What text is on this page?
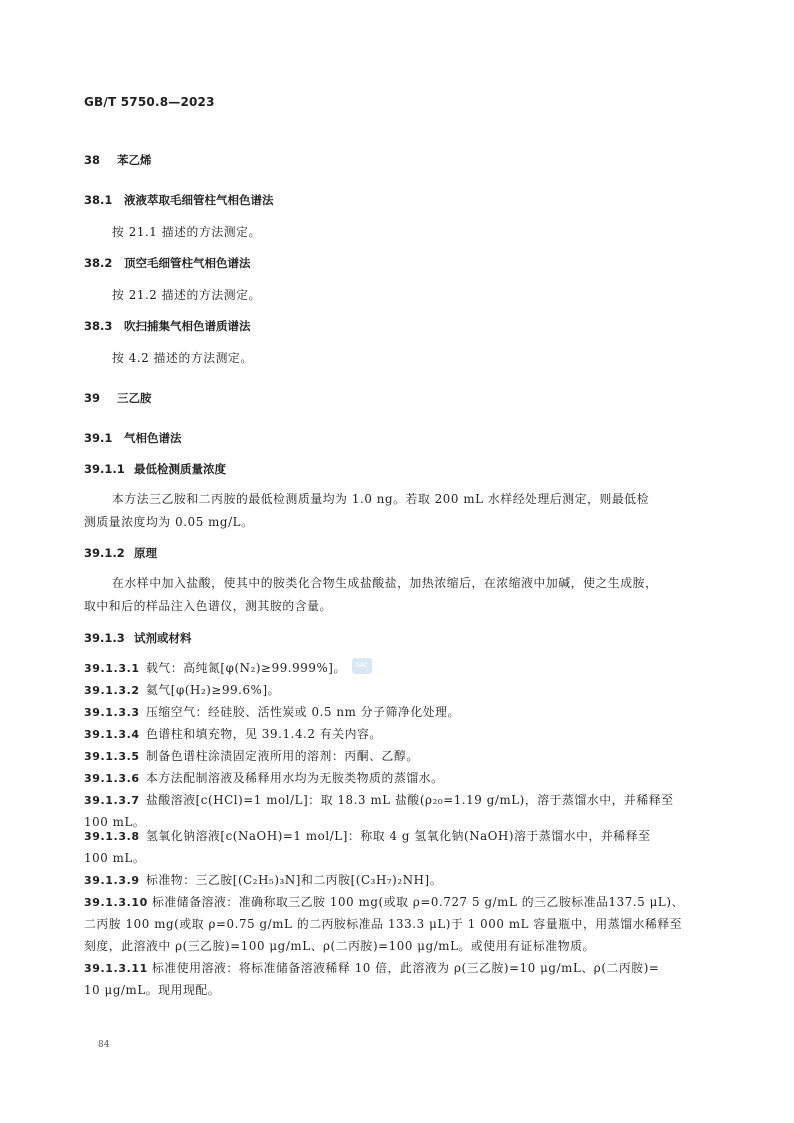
GB/T 5750.8—2023
38 苯乙烯
38.1 液液萃取毛细管柱气相色谱法
按 21.1 描述的方法测定。
38.2 顶空毛细管柱气相色谱法
按 21.2 描述的方法测定。
38.3 吹扫捕集气相色谱质谱法
按 4.2 描述的方法测定。
39 三乙胺
39.1 气相色谱法
39.1.1 最低检测质量浓度
本方法三乙胺和二丙胺的最低检测质量均为 1.0 ng。若取 200 mL 水样经处理后测定，则最低检
测质量浓度均为 0.05 mg/L。
39.1.2 原理
在水样中加入盐酸，使其中的胺类化合物生成盐酸盐，加热浓缩后，在浓缩液中加碱，使之生成胺，
取中和后的样品注入色谱仪，测其胺的含量。
39.1.3 试剂或材料
39.1.3.1 载气：高纯氮[φ(N₂)≥99.999%]。	SAC
39.1.3.2 氦气[φ(H₂)≥99.6%]。
39.1.3.3 压缩空气：经硅胶、活性炭或 0.5 nm 分子筛净化处理。
39.1.3.4 色谱柱和填充物，见 39.1.4.2 有关内容。
39.1.3.5 制备色谱柱涂渍固定液所用的溶剂：丙酮、乙醇。
39.1.3.6 本方法配制溶液及稀释用水均为无胺类物质的蒸馏水。
39.1.3.7 盐酸溶液[c(HCl)=1 mol/L]：取 18.3 mL 盐酸(ρ₂₀=1.19 g/mL)，溶于蒸馏水中，并稀释至
100 mL。
39.1.3.8 氢氧化钠溶液[c(NaOH)=1 mol/L]：称取 4 g 氢氧化钠(NaOH)溶于蒸馏水中，并稀释至
100 mL。
39.1.3.9 标准物：三乙胺[(C₂H₅)₃N]和二丙胺[(C₃H₇)₂NH]。
39.1.3.10 标准储备溶液：准确称取三乙胺 100 mg(或取 ρ=0.727 5 g/mL 的三乙胺标准品137.5 μL)、
二丙胺 100 mg(或取 ρ=0.75 g/mL 的二丙胺标准品 133.3 μL)于 1 000 mL 容量瓶中，用蒸馏水稀释至
刻度，此溶液中 ρ(三乙胺)=100 μg/mL、ρ(二丙胺)=100 μg/mL。或使用有证标准物质。
39.1.3.11 标准使用溶液：将标准储备溶液稀释 10 倍，此溶液为 ρ(三乙胺)=10 μg/mL、ρ(二丙胺)=
10 μg/mL。现用现配。
84
